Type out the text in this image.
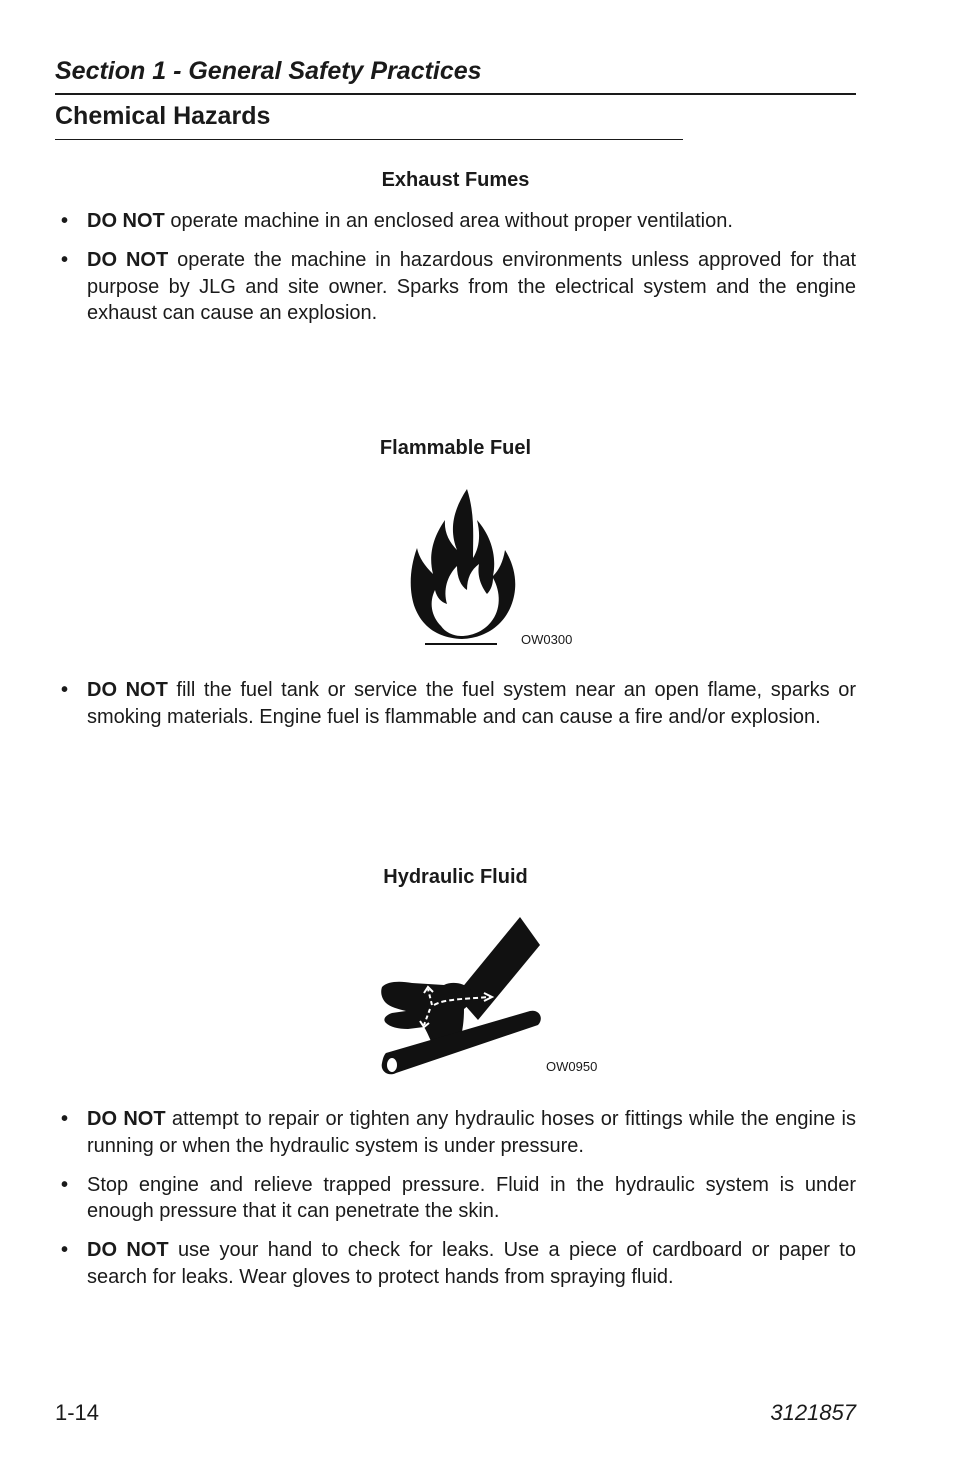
Section 1 - General Safety Practices
Chemical Hazards
Exhaust Fumes
• DO NOT operate machine in an enclosed area without proper ventilation.
• DO NOT operate the machine in hazardous environments unless approved for that purpose by JLG and site owner. Sparks from the electrical system and the engine exhaust can cause an explosion.
Flammable Fuel
OW0300
• DO NOT fill the fuel tank or service the fuel system near an open flame, sparks or smoking materials. Engine fuel is flammable and can cause a fire and/or explosion.
Hydraulic Fluid
OW0950
• DO NOT attempt to repair or tighten any hydraulic hoses or fittings while the engine is running or when the hydraulic system is under pressure.
• Stop engine and relieve trapped pressure. Fluid in the hydraulic system is under enough pressure that it can penetrate the skin.
• DO NOT use your hand to check for leaks. Use a piece of cardboard or paper to search for leaks. Wear gloves to protect hands from spraying fluid.
1-14	3121857
